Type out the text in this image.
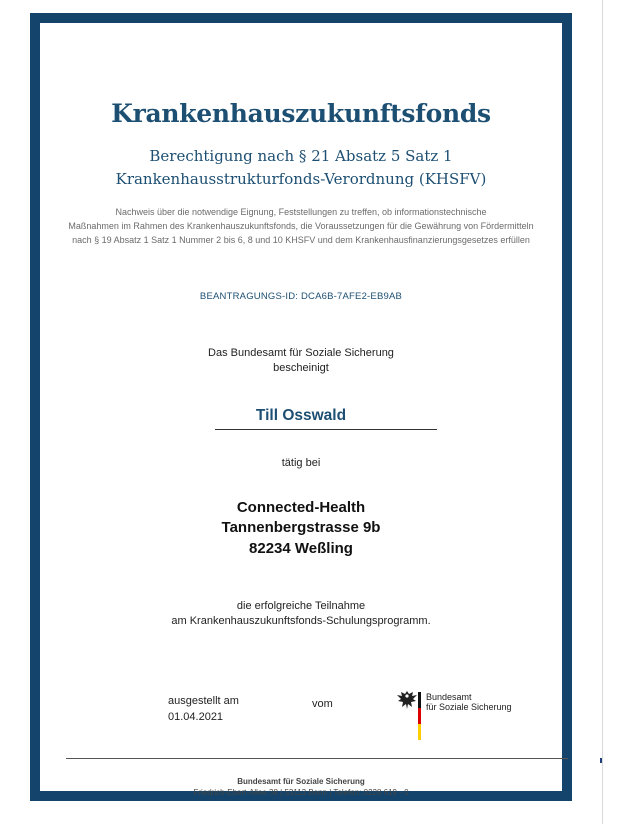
Krankenhauszukunftsfonds
Berechtigung nach § 21 Absatz 5 Satz 1
Krankenhausstrukturfonds-Verordnung (KHSFV)
Nachweis über die notwendige Eignung, Feststellungen zu treffen, ob informationstechnische
Maßnahmen im Rahmen des Krankenhauszukunftsfonds, die Voraussetzungen für die Gewährung von Fördermitteln
nach § 19 Absatz 1 Satz 1 Nummer 2 bis 6, 8 und 10 KHSFV und dem Krankenhausfinanzierungsgesetzes erfüllen
BEANTRAGUNGS-ID: DCA6B-7AFE2-EB9AB
Das Bundesamt für Soziale Sicherung
bescheinigt
Till Osswald
tätig bei
Connected-Health
Tannenbergstrasse 9b
82234 Weßling
die erfolgreiche Teilnahme
am Krankenhauszukunftsfonds-Schulungsprogramm.
ausgestellt am
01.04.2021
vom
Bundesamt
für Soziale Sicherung
Bundesamt für Soziale Sicherung
Friedrich-Ebert-Allee 38 | 53113 Bonn | Telefon: 0228 619 - 0
